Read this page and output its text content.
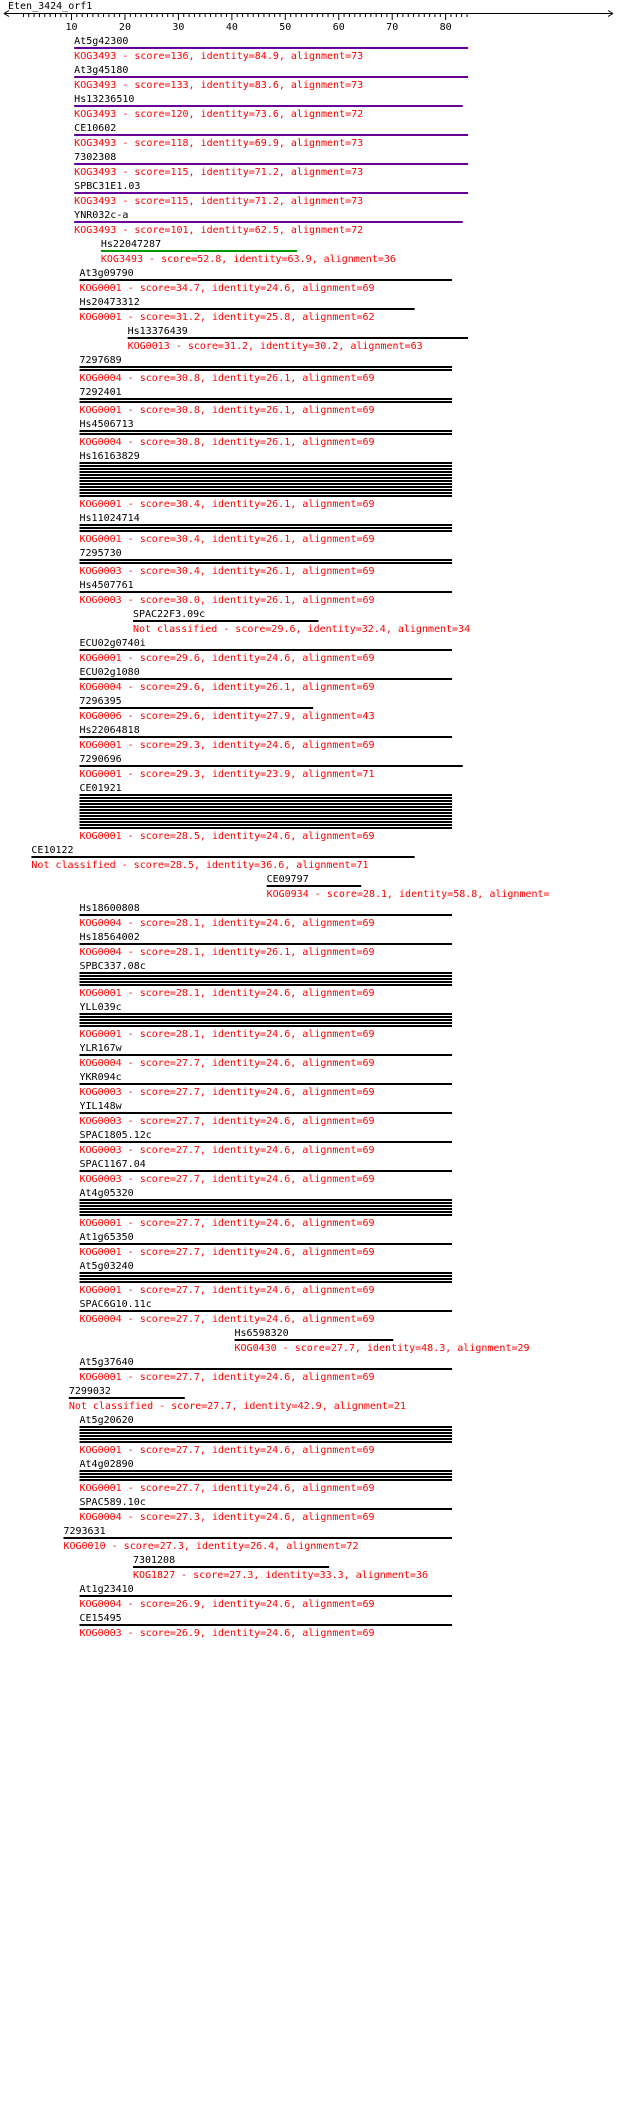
Eten_3424_orf1
10	20	30	40	50	60	70	80
At5g42300
KOG3493 - score=136, identity=84.9, alignment=73
At3g45180
KOG3493 - score=133, identity=83.6, alignment=73
Hs13236510
KOG3493 - score=120, identity=73.6, alignment=72
CE10602
KOG3493 - score=118, identity=69.9, alignment=73
7302308
KOG3493 - score=115, identity=71.2, alignment=73
SPBC31E1.03
KOG3493 - score=115, identity=71.2, alignment=73
YNR032c-a
KOG3493 - score=101, identity=62.5, alignment=72
Hs22047287
KOG3493 - score=52.8, identity=63.9, alignment=36
At3g09790
KOG0001 - score=34.7, identity=24.6, alignment=69
Hs20473312
KOG0001 - score=31.2, identity=25.8, alignment=62
Hs13376439
KOG0013 - score=31.2, identity=30.2, alignment=63
7297689
KOG0004 - score=30.8, identity=26.1, alignment=69
7292401
KOG0001 - score=30.8, identity=26.1, alignment=69
Hs4506713
KOG0004 - score=30.8, identity=26.1, alignment=69
Hs16163829
KOG0001 - score=30.4, identity=26.1, alignment=69
Hs11024714
KOG0001 - score=30.4, identity=26.1, alignment=69
7295730
KOG0003 - score=30.4, identity=26.1, alignment=69
Hs4507761
KOG0003 - score=30.0, identity=26.1, alignment=69
SPAC22F3.09c
Not classified - score=29.6, identity=32.4, alignment=34
ECU02g0740i
KOG0001 - score=29.6, identity=24.6, alignment=69
ECU02g1080
KOG0004 - score=29.6, identity=26.1, alignment=69
7296395
KOG0006 - score=29.6, identity=27.9, alignment=43
Hs22064818
KOG0001 - score=29.3, identity=24.6, alignment=69
7290696
KOG0001 - score=29.3, identity=23.9, alignment=71
CE01921
KOG0001 - score=28.5, identity=24.6, alignment=69
CE10122
Not classified - score=28.5, identity=36.6, alignment=71
CE09797
KOG0934 - score=28.1, identity=58.8, alignment=
Hs18600808
KOG0004 - score=28.1, identity=24.6, alignment=69
Hs18564002
KOG0004 - score=28.1, identity=26.1, alignment=69
SPBC337.08c
KOG0001 - score=28.1, identity=24.6, alignment=69
YLL039c
KOG0001 - score=28.1, identity=24.6, alignment=69
YLR167w
KOG0004 - score=27.7, identity=24.6, alignment=69
YKR094c
KOG0003 - score=27.7, identity=24.6, alignment=69
YIL148w
KOG0003 - score=27.7, identity=24.6, alignment=69
SPAC1805.12c
KOG0003 - score=27.7, identity=24.6, alignment=69
SPAC1167.04
KOG0003 - score=27.7, identity=24.6, alignment=69
At4g05320
KOG0001 - score=27.7, identity=24.6, alignment=69
At1g65350
KOG0001 - score=27.7, identity=24.6, alignment=69
At5g03240
KOG0001 - score=27.7, identity=24.6, alignment=69
SPAC6G10.11c
KOG0004 - score=27.7, identity=24.6, alignment=69
Hs6598320
KOG0430 - score=27.7, identity=48.3, alignment=29
At5g37640
KOG0001 - score=27.7, identity=24.6, alignment=69
7299032
Not classified - score=27.7, identity=42.9, alignment=21
At5g20620
KOG0001 - score=27.7, identity=24.6, alignment=69
At4g02890
KOG0001 - score=27.7, identity=24.6, alignment=69
SPAC589.10c
KOG0004 - score=27.3, identity=24.6, alignment=69
7293631
KOG0010 - score=27.3, identity=26.4, alignment=72
7301208
KOG1827 - score=27.3, identity=33.3, alignment=36
At1g23410
KOG0004 - score=26.9, identity=24.6, alignment=69
CE15495
KOG0003 - score=26.9, identity=24.6, alignment=69
